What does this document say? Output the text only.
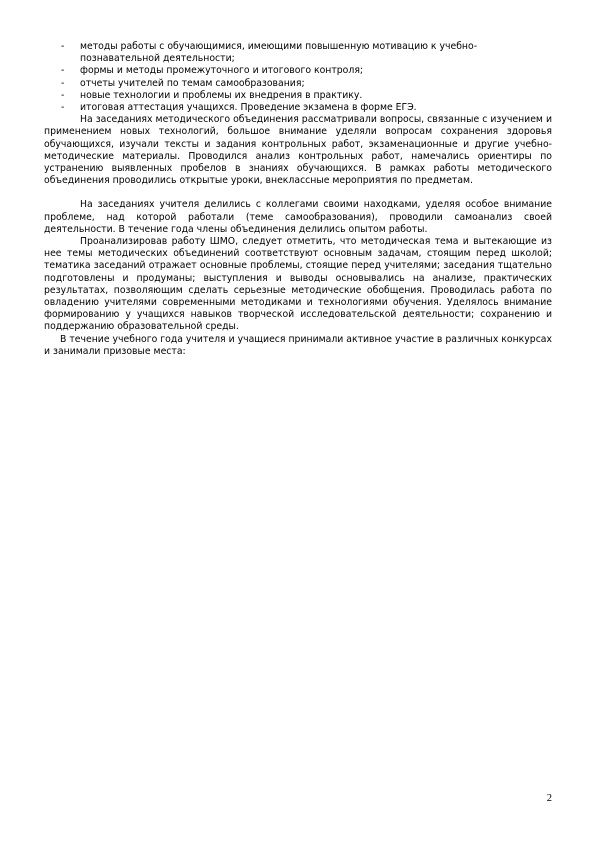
- методы работы с обучающимися, имеющими повышенную мотивацию к учебно-познавательной деятельности;
- формы и методы промежуточного и итогового контроля;
- отчеты учителей по темам самообразования;
- новые технологии и проблемы их внедрения в практику.
- итоговая аттестация учащихся. Проведение экзамена в форме ЕГЭ.

На заседаниях методического объединения рассматривали вопросы, связанные с изучением и применением новых технологий, большое внимание уделяли вопросам сохранения здоровья обучающихся, изучали тексты и задания контрольных работ, экзаменационные и другие учебно-методические материалы. Проводился анализ контрольных работ, намечались ориентиры по устранению выявленных пробелов в знаниях обучающихся. В рамках работы методического объединения проводились открытые уроки, внеклассные мероприятия по предметам.

На заседаниях учителя делились с коллегами своими находками, уделяя особое внимание проблеме, над которой работали (теме самообразования), проводили самоанализ своей деятельности. В течение года члены объединения делились опытом работы.

Проанализировав работу ШМО, следует отметить, что методическая тема и вытекающие из нее темы методических объединений соответствуют основным задачам, стоящим перед школой; тематика заседаний отражает основные проблемы, стоящие перед учителями; заседания тщательно подготовлены и продуманы; выступления и выводы основывались на анализе, практических результатах, позволяющим сделать серьезные методические обобщения. Проводилась работа по овладению учителями современными методиками и технологиями обучения. Уделялось внимание формированию у учащихся навыков творческой исследовательской деятельности; сохранению и поддержанию образовательной среды.

В течение учебного года учителя и учащиеся принимали активное участие в различных конкурсах и занимали призовые места:

2
